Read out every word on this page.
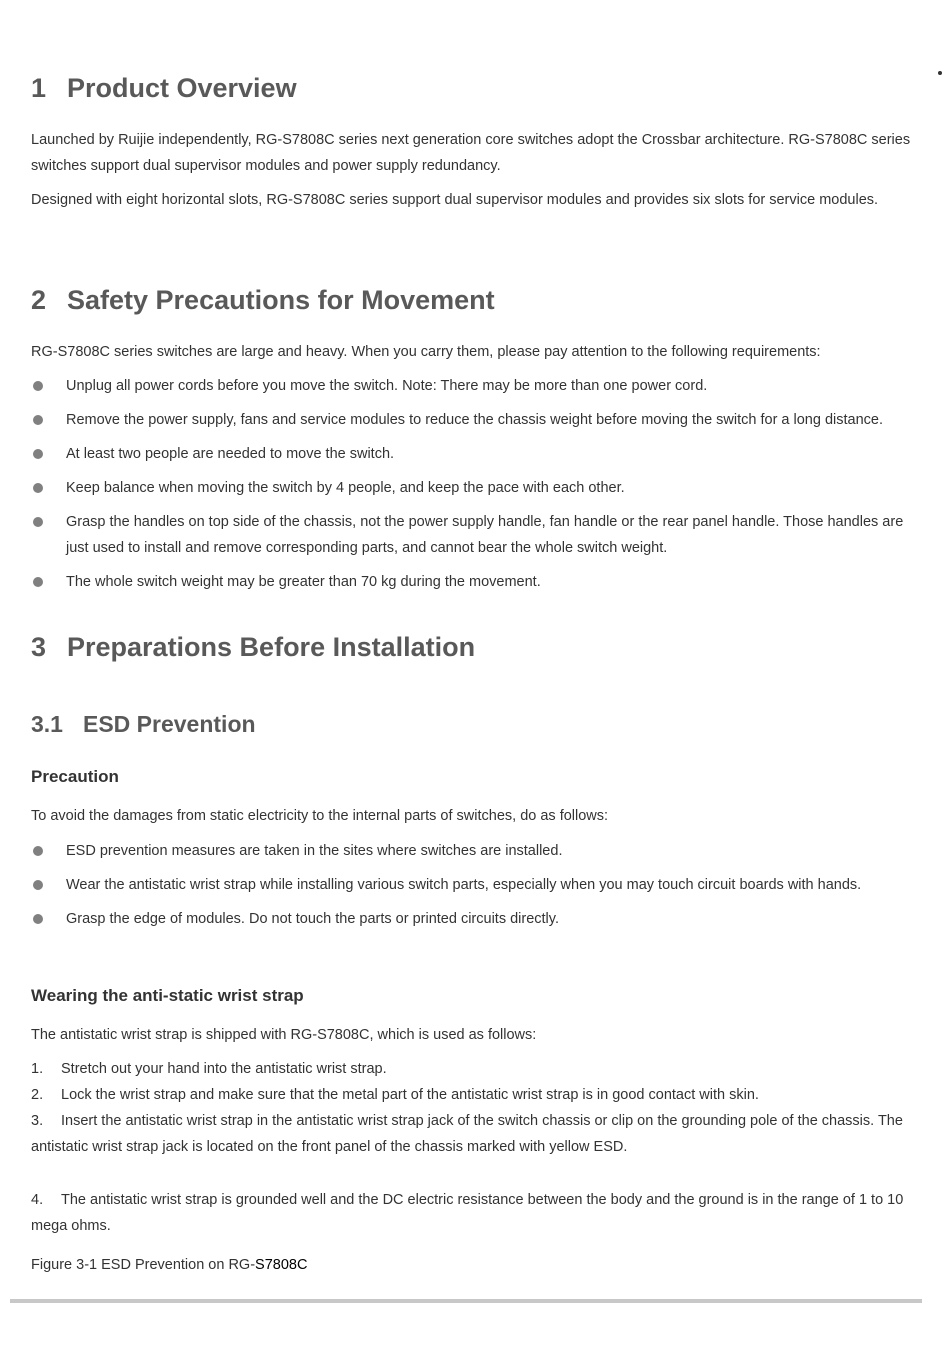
1 Product Overview
Launched by Ruijie independently, RG-S7808C series next generation core switches adopt the Crossbar architecture. RG-S7808C series switches support dual supervisor modules and power supply redundancy.
Designed with eight horizontal slots, RG-S7808C series support dual supervisor modules and provides six slots for service modules.
2 Safety Precautions for Movement
RG-S7808C series switches are large and heavy. When you carry them, please pay attention to the following requirements:
Unplug all power cords before you move the switch. Note: There may be more than one power cord.
Remove the power supply, fans and service modules to reduce the chassis weight before moving the switch for a long distance.
At least two people are needed to move the switch.
Keep balance when moving the switch by 4 people, and keep the pace with each other.
Grasp the handles on top side of the chassis, not the power supply handle, fan handle or the rear panel handle. Those handles are just used to install and remove corresponding parts, and cannot bear the whole switch weight.
The whole switch weight may be greater than 70 kg during the movement.
3 Preparations Before Installation
3.1 ESD Prevention
Precaution
To avoid the damages from static electricity to the internal parts of switches, do as follows:
ESD prevention measures are taken in the sites where switches are installed.
Wear the antistatic wrist strap while installing various switch parts, especially when you may touch circuit boards with hands.
Grasp the edge of modules. Do not touch the parts or printed circuits directly.
Wearing the anti-static wrist strap
The antistatic wrist strap is shipped with RG-S7808C, which is used as follows:
1. Stretch out your hand into the antistatic wrist strap.
2. Lock the wrist strap and make sure that the metal part of the antistatic wrist strap is in good contact with skin.
3. Insert the antistatic wrist strap in the antistatic wrist strap jack of the switch chassis or clip on the grounding pole of the chassis. The antistatic wrist strap jack is located on the front panel of the chassis marked with yellow ESD.
4. The antistatic wrist strap is grounded well and the DC electric resistance between the body and the ground is in the range of 1 to 10 mega ohms.
Figure 3-1 ESD Prevention on RG-S7808C
